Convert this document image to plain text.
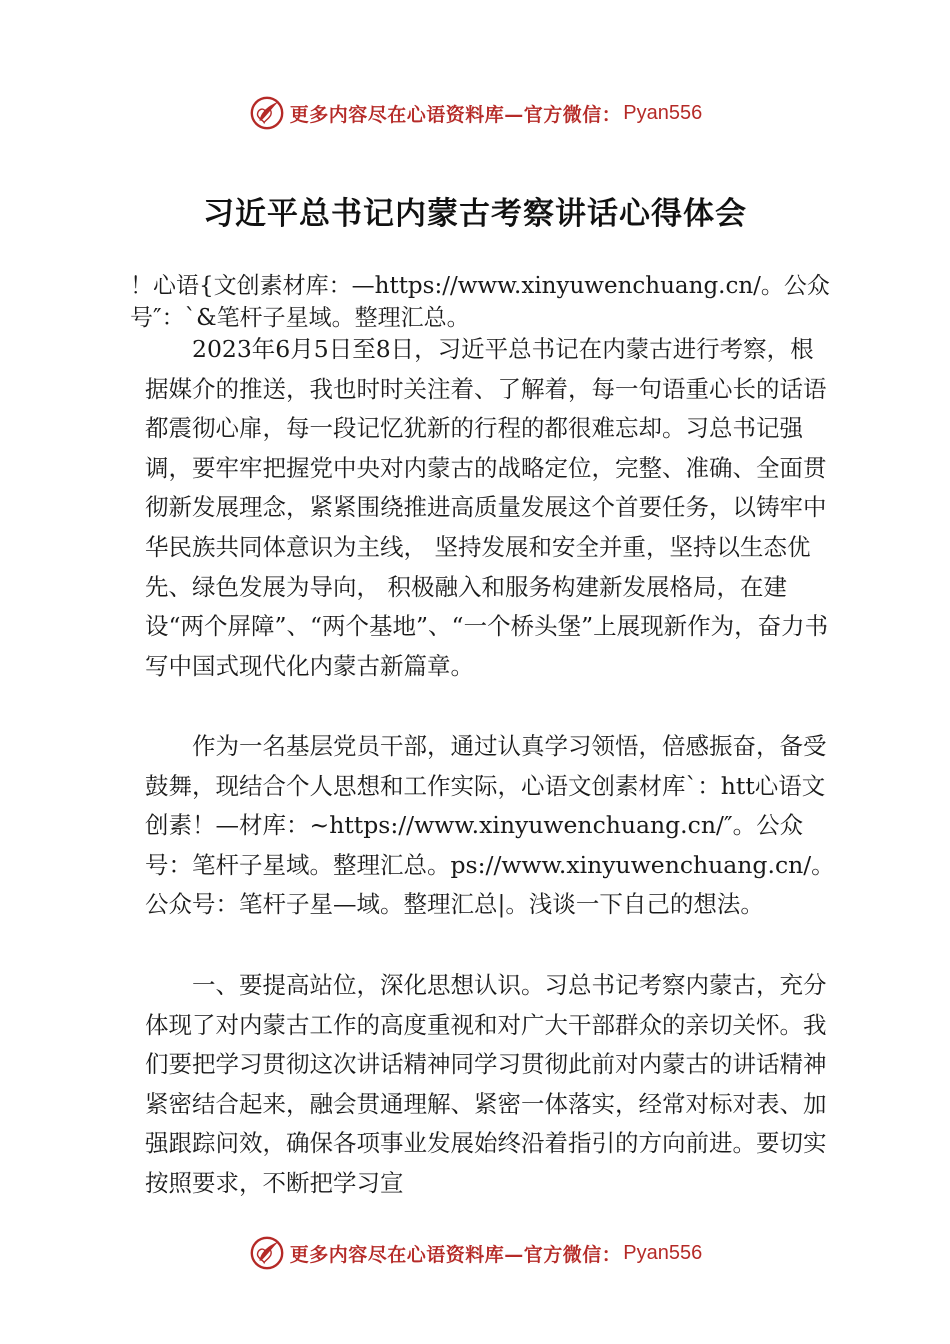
更多内容尽在心语资料库—官方微信： Pyan556
习近平总书记内蒙古考察讲话心得体会
！心语{文创素材库：—https://www.xinyuwenchuang.cn/。公众号″：`&笔杆子星域。整理汇总。
2023年6月5日至8日，习近平总书记在内蒙古进行考察，根据媒介的推送，我也时时关注着、了解着，每一句语重心长的话语都震彻心扉，每一段记忆犹新的行程的都很难忘却。习总书记强调，要牢牢把握党中央对内蒙古的战略定位，完整、准确、全面贯彻新发展理念，紧紧围绕推进高质量发展这个首要任务，以铸牢中华民族共同体意识为主线， 坚持发展和安全并重，坚持以生态优先、绿色发展为导向， 积极融入和服务构建新发展格局，在建设“两个屏障”、“两个基地”、“一个桥头堡”上展现新作为，奋力书写中国式现代化内蒙古新篇章。
作为一名基层党员干部，通过认真学习领悟，倍感振奋，备受鼓舞，现结合个人思想和工作实际，心语文创素材库`：htt心语文创素！—材库：~https://www.xinyuwenchuang.cn/″。公众号：笔杆子星域。整理汇总。ps://www.xinyuwenchuang.cn/。公众号：笔杆子星—域。整理汇总|。浅谈一下自己的想法。
一、要提高站位，深化思想认识。习总书记考察内蒙古，充分体现了对内蒙古工作的高度重视和对广大干部群众的亲切关怀。我们要把学习贯彻这次讲话精神同学习贯彻此前对内蒙古的讲话精神紧密结合起来，融会贯通理解、紧密一体落实，经常对标对表、加强跟踪问效，确保各项事业发展始终沿着指引的方向前进。要切实按照要求，不断把学习宣
更多内容尽在心语资料库—官方微信： Pyan556
